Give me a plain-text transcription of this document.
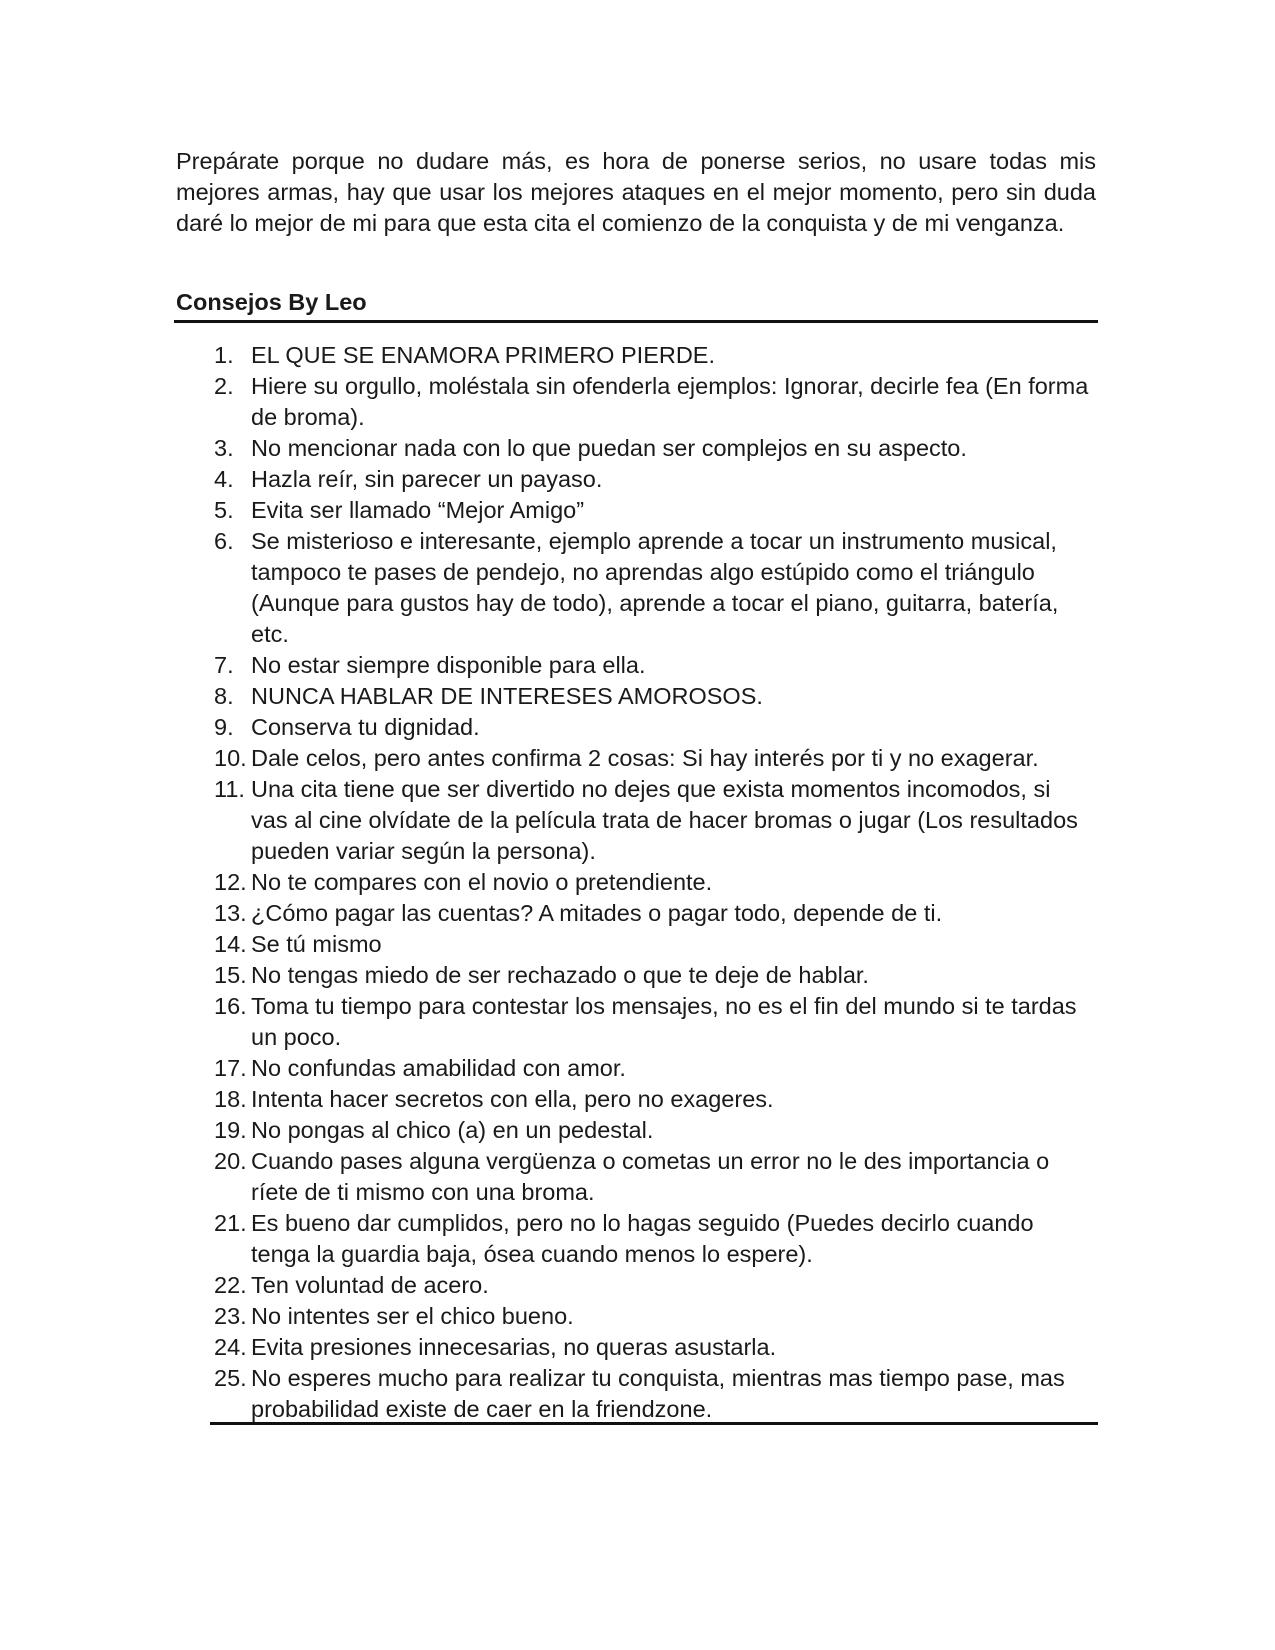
Prepárate porque no dudare más, es hora de ponerse serios, no usare todas mis mejores armas, hay que usar los mejores ataques en el mejor momento, pero sin duda daré lo mejor de mi para que esta cita el comienzo de la conquista y de mi venganza.

Consejos By Leo
1. EL QUE SE ENAMORA PRIMERO PIERDE.
2. Hiere su orgullo, moléstala sin ofenderla ejemplos: Ignorar, decirle fea (En forma de broma).
3. No mencionar nada con lo que puedan ser complejos en su aspecto.
4. Hazla reír, sin parecer un payaso.
5. Evita ser llamado “Mejor Amigo”
6. Se misterioso e interesante, ejemplo aprende a tocar un instrumento musical, tampoco te pases de pendejo, no aprendas algo estúpido como el triángulo (Aunque para gustos hay de todo), aprende a tocar el piano, guitarra, batería, etc.
7. No estar siempre disponible para ella.
8. NUNCA HABLAR DE INTERESES AMOROSOS.
9. Conserva tu dignidad.
10. Dale celos, pero antes confirma 2 cosas: Si hay interés por ti y no exagerar.
11. Una cita tiene que ser divertido no dejes que exista momentos incomodos, si vas al cine olvídate de la película trata de hacer bromas o jugar (Los resultados pueden variar según la persona).
12. No te compares con el novio o pretendiente.
13. ¿Cómo pagar las cuentas? A mitades o pagar todo, depende de ti.
14. Se tú mismo
15. No tengas miedo de ser rechazado o que te deje de hablar.
16. Toma tu tiempo para contestar los mensajes, no es el fin del mundo si te tardas un poco.
17. No confundas amabilidad con amor.
18. Intenta hacer secretos con ella, pero no exageres.
19. No pongas al chico (a) en un pedestal.
20. Cuando pases alguna vergüenza o cometas un error no le des importancia o ríete de ti mismo con una broma.
21. Es bueno dar cumplidos, pero no lo hagas seguido (Puedes decirlo cuando tenga la guardia baja, ósea cuando menos lo espere).
22. Ten voluntad de acero.
23. No intentes ser el chico bueno.
24. Evita presiones innecesarias, no queras asustarla.
25. No esperes mucho para realizar tu conquista, mientras mas tiempo pase, mas probabilidad existe de caer en la friendzone.
